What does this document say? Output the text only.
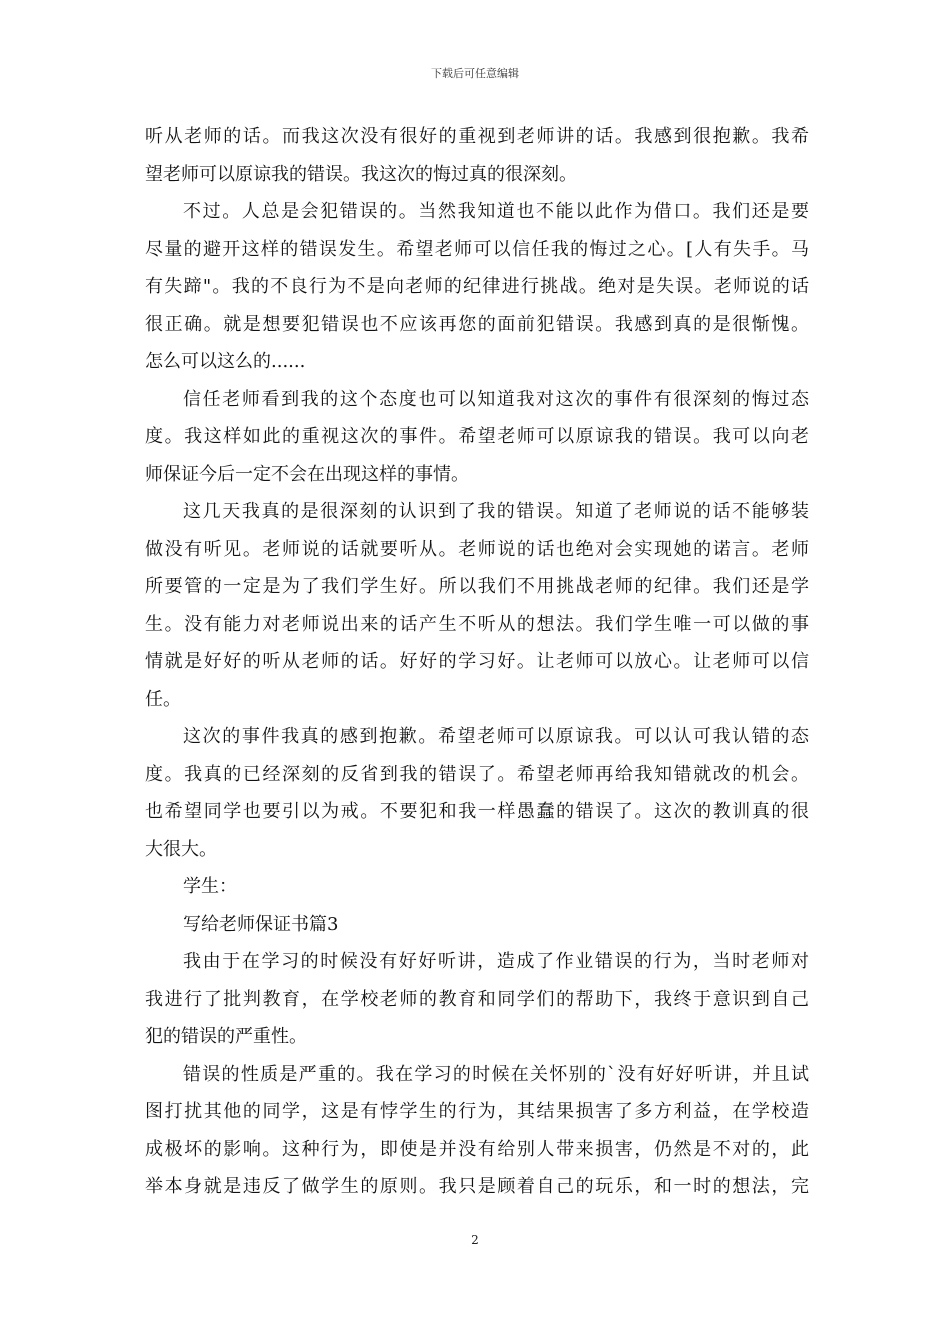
下载后可任意编辑
听从老师的话。而我这次没有很好的重视到老师讲的话。我感到很抱歉。我希
望老师可以原谅我的错误。我这次的悔过真的很深刻。
不过。人总是会犯错误的。当然我知道也不能以此作为借口。我们还是要
尽量的避开这样的错误发生。希望老师可以信任我的悔过之心。[人有失手。马
有失蹄"。我的不良行为不是向老师的纪律进行挑战。绝对是失误。老师说的话
很正确。就是想要犯错误也不应该再您的面前犯错误。我感到真的是很惭愧。
怎么可以这么的......
信任老师看到我的这个态度也可以知道我对这次的事件有很深刻的悔过态
度。我这样如此的重视这次的事件。希望老师可以原谅我的错误。我可以向老
师保证今后一定不会在出现这样的事情。
这几天我真的是很深刻的认识到了我的错误。知道了老师说的话不能够装
做没有听见。老师说的话就要听从。老师说的话也绝对会实现她的诺言。老师
所要管的一定是为了我们学生好。所以我们不用挑战老师的纪律。我们还是学
生。没有能力对老师说出来的话产生不听从的想法。我们学生唯一可以做的事
情就是好好的听从老师的话。好好的学习好。让老师可以放心。让老师可以信
任。
这次的事件我真的感到抱歉。希望老师可以原谅我。可以认可我认错的态
度。我真的已经深刻的反省到我的错误了。希望老师再给我知错就改的机会。
也希望同学也要引以为戒。不要犯和我一样愚蠢的错误了。这次的教训真的很
大很大。
学生：
写给老师保证书篇3
我由于在学习的时候没有好好听讲，造成了作业错误的行为，当时老师对
我进行了批判教育，在学校老师的教育和同学们的帮助下，我终于意识到自己
犯的错误的严重性。
错误的性质是严重的。我在学习的时候在关怀别的`没有好好听讲，并且试
图打扰其他的同学，这是有悖学生的行为，其结果损害了多方利益，在学校造
成极坏的影响。这种行为，即使是并没有给别人带来损害，仍然是不对的，此
举本身就是违反了做学生的原则。我只是顾着自己的玩乐，和一时的想法，完
2
